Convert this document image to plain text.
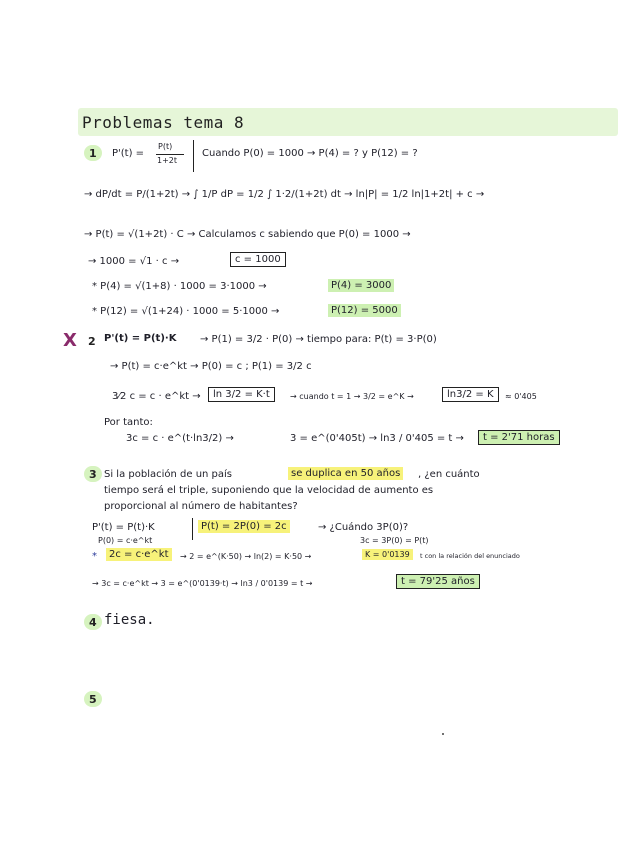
Problemas tema 8
1 P'(t) =
P(t)
1+2t
Cuando P(0) = 1000 → P(4) = ? y P(12) = ?
→ dP/dt = P/(1+2t) → ∫ 1/P dP = 1/2 ∫ 1·2/(1+2t) dt → ln|P| = 1/2 ln|1+2t| + c →
→ P(t) = √(1+2t) · C → Calculamos c sabiendo que P(0) = 1000 →
→ 1000 = √1 · c →	c = 1000
* P(4) = √(1+8) · 1000 = 3·1000 →	P(4) = 3000
* P(12) = √(1+24) · 1000 = 5·1000 →	P(12) = 5000
X 2 P'(t) = P(t)·K → P(1) = 3/2 · P(0) → tiempo para: P(t) = 3·P(0)
→ P(t) = c·e^kt → P(0) = c ; P(1) = 3/2 c
3⁄2 c = c · e^kt →	ln 3/2 = K·t	→ cuando t = 1 → 3/2 = e^K →	ln3/2 = K	≈ 0'405
Por tanto:
3c = c · e^(t·ln3/2) →	3 = e^(0'405t) → ln3 / 0'405 = t →	t = 2'71 horas
3 Si la población de un país	se duplica en 50 años	, ¿en cuánto
tiempo será el triple, suponiendo que la velocidad de aumento es
proporcional al número de habitantes?
P'(t) = P(t)·K	P(t) = 2P(0) = 2c	→ ¿Cuándo 3P(0)?
P(0) = c·e^kt	3c = 3P(0) = P(t)
*	2c = c·e^kt	→ 2 = e^(K·50) → ln(2) = K·50 →	K = 0'0139	t con la relación del enunciado
→ 3c = c·e^kt → 3 = e^(0'0139·t) → ln3 / 0'0139 = t →	t = 79'25 años
4 fiesa.
5
